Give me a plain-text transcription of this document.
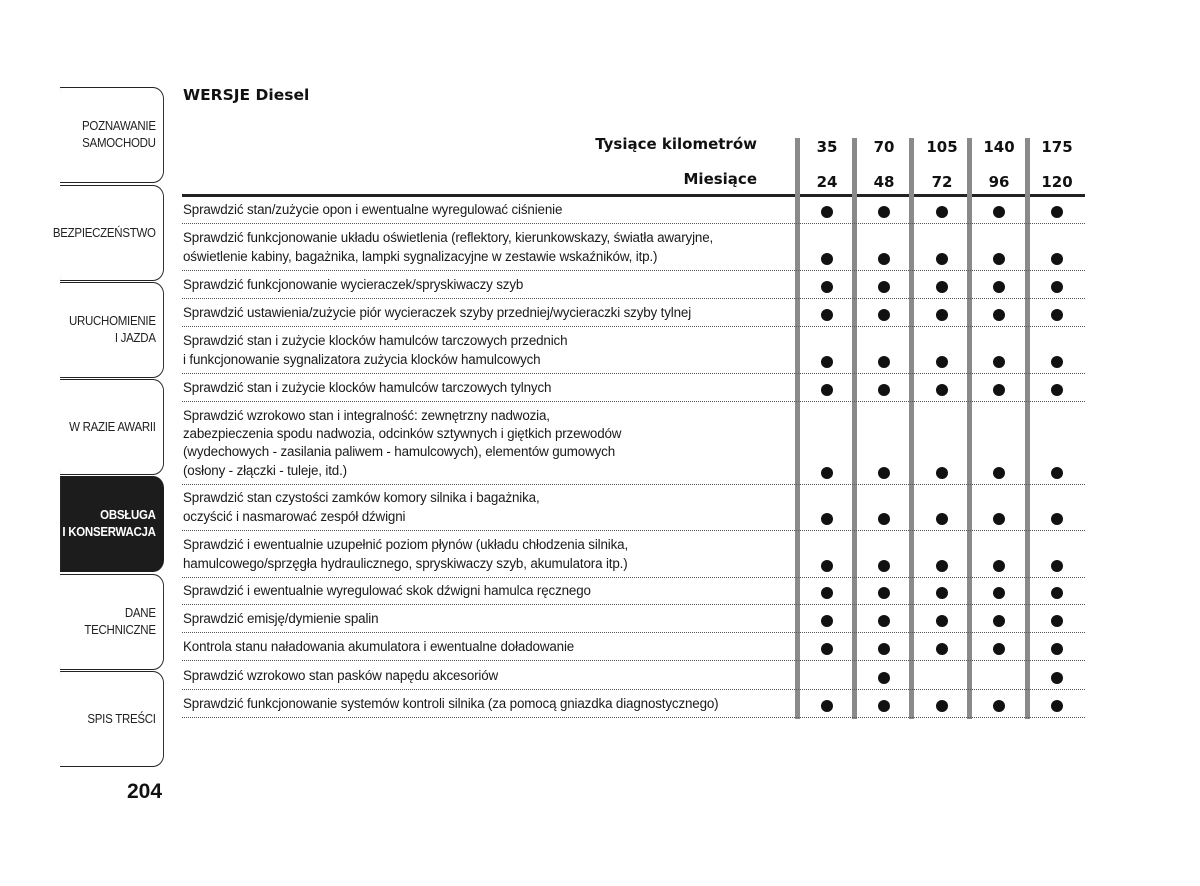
POZNAWANIE
SAMOCHODU
BEZPIECZEŃSTWO
URUCHOMIENIE
I JAZDA
W RAZIE AWARII
OBSŁUGA
I KONSERWACJA
DANE
TECHNICZNE
SPIS TREŚCI
204
WERSJE Diesel
Tysiące kilometrów
Miesiące
35
24
70
48
105
72
140
96
175
120
Sprawdzić stan/zużycie opon i ewentualne wyregulować ciśnienie
Sprawdzić funkcjonowanie układu oświetlenia (reflektory, kierunkowskazy, światła awaryjne,
oświetlenie kabiny, bagażnika, lampki sygnalizacyjne w zestawie wskaźników, itp.)
Sprawdzić funkcjonowanie wycieraczek/spryskiwaczy szyb
Sprawdzić ustawienia/zużycie piór wycieraczek szyby przedniej/wycieraczki szyby tylnej
Sprawdzić stan i zużycie klocków hamulców tarczowych przednich
i funkcjonowanie sygnalizatora zużycia klocków hamulcowych
Sprawdzić stan i zużycie klocków hamulców tarczowych tylnych
Sprawdzić wzrokowo stan i integralność: zewnętrzny nadwozia,
zabezpieczenia spodu nadwozia, odcinków sztywnych i giętkich przewodów
(wydechowych - zasilania paliwem - hamulcowych), elementów gumowych
(osłony - złączki - tuleje, itd.)
Sprawdzić stan czystości zamków komory silnika i bagażnika,
oczyścić i nasmarować zespół dźwigni
Sprawdzić i ewentualnie uzupełnić poziom płynów (układu chłodzenia silnika,
hamulcowego/sprzęgła hydraulicznego, spryskiwaczy szyb, akumulatora itp.)
Sprawdzić i ewentualnie wyregulować skok dźwigni hamulca ręcznego
Sprawdzić emisję/dymienie spalin
Kontrola stanu naładowania akumulatora i ewentualne doładowanie
Sprawdzić wzrokowo stan pasków napędu akcesoriów
Sprawdzić funkcjonowanie systemów kontroli silnika (za pomocą gniazdka diagnostycznego)
